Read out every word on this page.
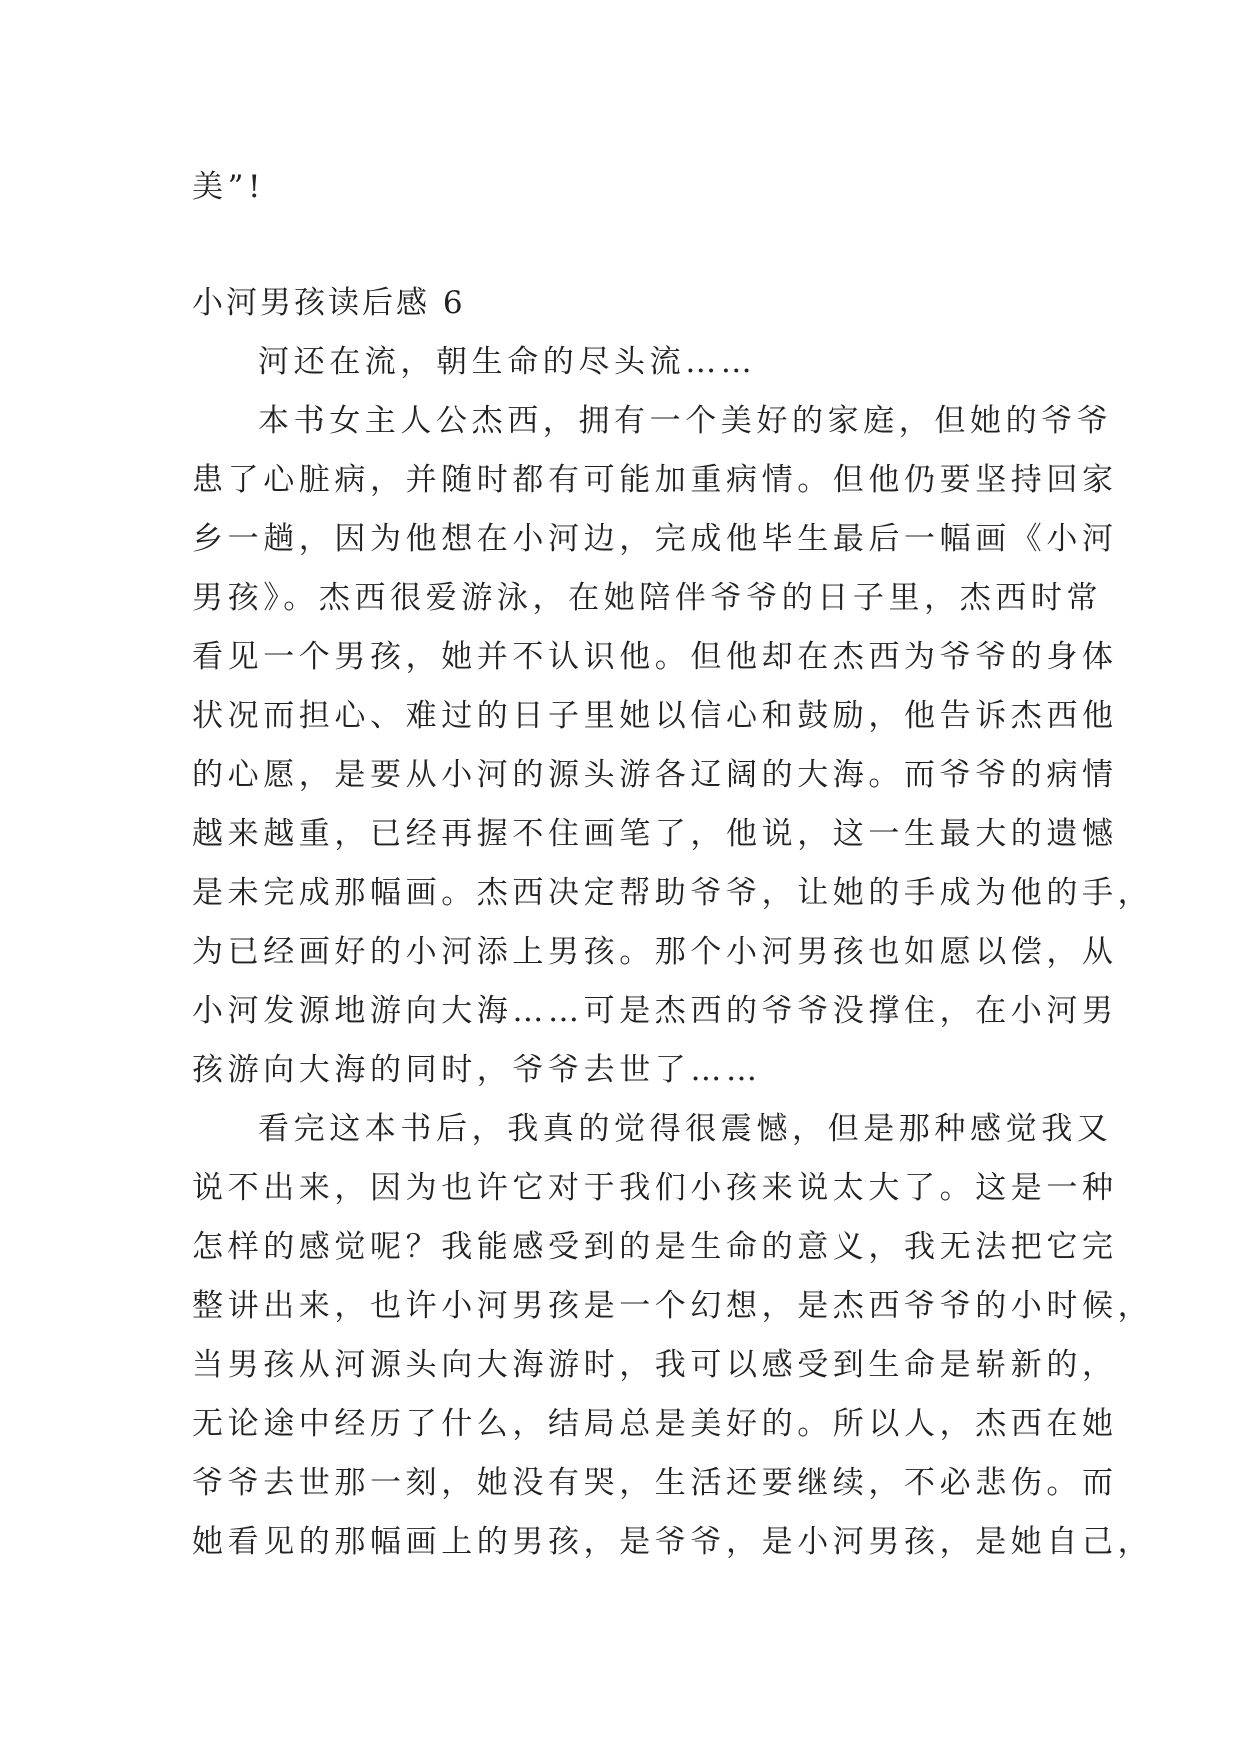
美”!
小河男孩读后感 6
河还在流，朝生命的尽头流……
本书女主人公杰西，拥有一个美好的家庭，但她的爷爷
患了心脏病，并随时都有可能加重病情。但他仍要坚持回家
乡一趟，因为他想在小河边，完成他毕生最后一幅画《小河
男孩》。杰西很爱游泳，在她陪伴爷爷的日子里，杰西时常
看见一个男孩，她并不认识他。但他却在杰西为爷爷的身体
状况而担心、难过的日子里她以信心和鼓励，他告诉杰西他
的心愿，是要从小河的源头游各辽阔的大海。而爷爷的病情
越来越重，已经再握不住画笔了，他说，这一生最大的遗憾
是未完成那幅画。杰西决定帮助爷爷，让她的手成为他的手，
为已经画好的小河添上男孩。那个小河男孩也如愿以偿，从
小河发源地游向大海……可是杰西的爷爷没撑住，在小河男
孩游向大海的同时，爷爷去世了……
看完这本书后，我真的觉得很震憾，但是那种感觉我又
说不出来，因为也许它对于我们小孩来说太大了。这是一种
怎样的感觉呢？我能感受到的是生命的意义，我无法把它完
整讲出来，也许小河男孩是一个幻想，是杰西爷爷的小时候，
当男孩从河源头向大海游时，我可以感受到生命是崭新的，
无论途中经历了什么，结局总是美好的。所以人，杰西在她
爷爷去世那一刻，她没有哭，生活还要继续，不必悲伤。而
她看见的那幅画上的男孩，是爷爷，是小河男孩，是她自己，
